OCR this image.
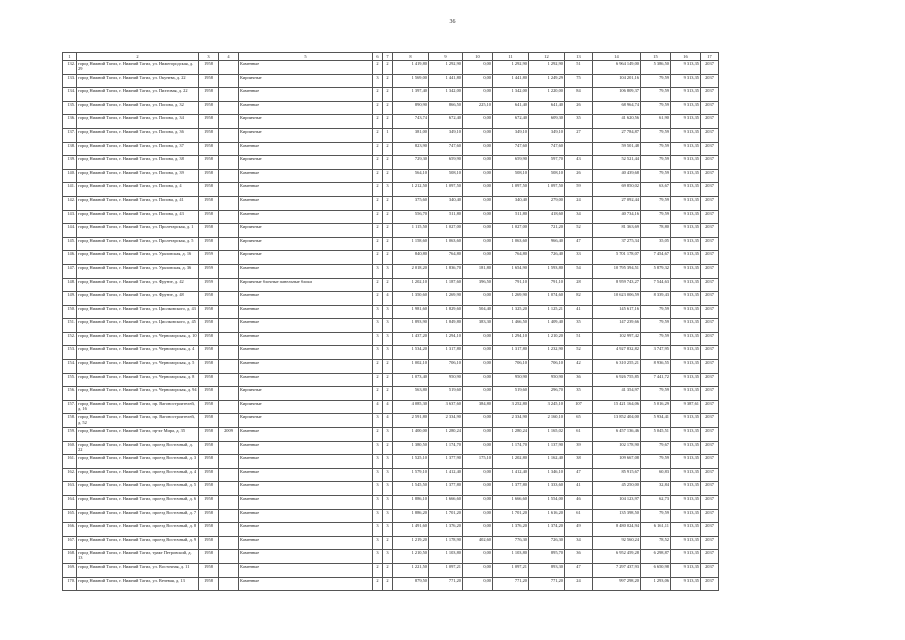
36
1	2	3	4	5	6	7	8	9	10	11	12	13	14	15	16	17
132.	город Нижний Тагил, г. Нижний Тагил, ул. Нижегородская, д. 29	1958		Каменные	2	2	1 419,80	1 292,90	0,00	1 292,90	1 292,90	51	6 964 149,00	5 386,50	9 313,35	2037
133.	город Нижний Тагил, г. Нижний Тагил, ул. Окунева, д. 22	1958		Кирпичные	3	2	1 569,00	1 441,80	0,00	1 441,80	1 249,29	75	104 201,16	79,59	9 313,35	2037
134.	город Нижний Тагил, г. Нижний Тагил, ул. Пихтовая, д. 22	1958		Каменные	2	2	1 397,40	1 342,00	0,00	1 342,00	1 220,00	84	106 809,37	79,59	9 313,35	2037
135.	город Нижний Тагил, г. Нижний Тагил, ул. Попова, д. 32	1958		Каменные	2	2	890,90	866,50	225,10	641,40	641,40	26	68 964,74	79,59	9 313,35	2037
136.	город Нижний Тагил, г. Нижний Тагил, ул. Попова, д. 34	1958		Кирпичные	2	2	743,74	672,40	0,00	672,40	609,30	35	41 620,56	61,90	9 313,35	2037
137.	город Нижний Тагил, г. Нижний Тагил, ул. Попова, д. 36	1958		Кирпичные	2	1	381,00	349,10	0,00	349,10	349,10	27	27 784,87	79,59	9 313,35	2037
138.	город Нижний Тагил, г. Нижний Тагил, ул. Попова, д. 37	1958		Каменные	2	2	823,90	747,60	0,00	747,60	747,60		59 501,48	79,59	9 313,35	2037
139.	город Нижний Тагил, г. Нижний Тагил, ул. Попова, д. 38	1958		Кирпичные	2	2	729,30	659,90	0,00	659,90	597,70	43	52 521,44	79,59	9 313,35	2037
140.	город Нижний Тагил, г. Нижний Тагил, ул. Попова, д. 39	1958		Каменные	2	2	564,10	508,10	0,00	508,10	508,10	26	40 439,68	79,59	9 313,35	2037
141.	город Нижний Тагил, г. Нижний Тагил, ул. Попова, д. 4	1958		Каменные	2	3	1 212,50	1 097,50	0,00	1 097,50	1 097,50	59	69 850,02	63,67	9 313,35	2037
142.	город Нижний Тагил, г. Нижний Тагил, ул. Попова, д. 41	1958		Каменные	2	2	375,60	340,40	0,00	340,40	279,00	24	27 092,44	79,59	9 313,35	2037
143.	город Нижний Тагил, г. Нижний Тагил, ул. Попова, д. 43	1958		Каменные	2	2	556,70	511,80	0,00	511,80	418,60	34	40 734,16	79,59	9 313,35	2037
144.	город Нижний Тагил, г. Нижний Тагил, ул. Пролетарская, д. 1	1958		Кирпичные	2	2	1 115,50	1 027,00	0,00	1 027,00	721,20	52	81 363,69	78,80	9 313,35	2037
145.	город Нижний Тагил, г. Нижний Тагил, ул. Пролетарская, д. 5	1958		Кирпичные	2	2	1 158,60	1 063,60	0,00	1 063,60	966,40	47	37 275,34	35,05	9 313,35	2037
146.	город Нижний Тагил, г. Нижний Тагил, ул. Ураловская, д. 16	1959		Кирпичные	2	2	840,80	764,80	0,00	764,80	726,40	33	5 701 178,07	7 454,67	9 313,35	2037
147.	город Нижний Тагил, г. Нижний Тагил, ул. Ураловская, д. 36	1959		Каменные	3	3	2 018,20	1 836,70	181,80	1 654,90	1 593,80	54	10 795 394,51	5 879,32	9 313,35	2037
148.	город Нижний Тагил, г. Нижний Тагил, ул. Фрунзе, д. 42	1959		Кирпичные блочные панельные блоки	2	2	1 202,10	1 187,60	396,50	791,10	791,10	28	8 959 743,27	7 544,63	9 313,35	2037
149.	город Нижний Тагил, г. Нижний Тагил, ул. Фрунзе, д. 48	1958		Каменные	2	4	1 350,60	1 269,90	0,00	1 269,90	1 074,60	82	10 623 006,59	8 339,43	9 313,35	2037
150.	город Нижний Тагил, г. Нижний Тагил, ул. Циолковского, д. 43	1958		Каменные	3	3	1 981,60	1 829,60	504,40	1 325,20	1 125,21	41	145 617,16	79,59	9 313,35	2037
151.	город Нижний Тагил, г. Нижний Тагил, ул. Циолковского, д. 45	1958		Каменные	3	3	1 893,90	1 849,80	383,30	1 466,50	1 409,40	35	147 239,66	79,59	9 313,35	2037
152.	город Нижний Тагил, г. Нижний Тагил, ул. Черноморская, д. 10	1958		Каменные	3	3	1 437,20	1 294,10	0,00	1 294,10	1 210,20	51	102 997,42	79,59	9 313,35	2037
153.	город Нижний Тагил, г. Нижний Тагил, ул. Черноморская, д. 4	1958		Каменные	3	3	1 534,20	1 317,80	0,00	1 317,80	1 232,90	52	4 927 832,82	3 747,95	9 313,35	2037
154.	город Нижний Тагил, г. Нижний Тагил, ул. Черноморская, д. 5	1958		Каменные	2	2	1 002,10	706,10	0,00	706,10	706,10	42	6 310 255,21	8 936,55	9 313,35	2037
155.	город Нижний Тагил, г. Нижний Тагил, ул. Черноморская, д. 8	1958		Каменные	2	2	1 073,40	950,90	0,00	950,90	950,90	36	6 926 755,85	7 441,72	9 313,35	2037
156.	город Нижний Тагил, г. Нижний Тагил, ул. Черноморская, д. 94	1958		Кирпичные	2	2	563,80	519,60	0,00	519,60	296,70	35	41 354,97	79,59	9 313,35	2037
157.	город Нижний Тагил, г. Нижний Тагил, пр. Вагоностроителей, д. 16	1958		Кирпичные	4	4	4 085,30	3 637,60	384,80	3 252,80	3 245,10	107	15 421 164,06	5 016,29	9 387,61	2037
158.	город Нижний Тагил, г. Нижний Тагил, пр. Вагоностроителей, д. 52	1958		Кирпичные	3	4	2 591,80	2 334,90	0,00	2 334,90	2 160,10	65	13 852 404,00	5 934,41	9 313,35	2037
159.	город Нижний Тагил, г. Нижний Тагил, пр-кт Мира, д. 35	1958	2009	Каменные	2	3	1 400,00	1 280,24	0,00	1 280,24	1 165,02	61	6 457 136,46	5 045,51	9 313,35	2037
160.	город Нижний Тагил, г. Нижний Тагил, проезд Восточный, д. 22	1958		Каменные	3	2	1 380,50	1 174,70	0,00	1 174,70	1 137,90	39	102 178,90	79,67	9 313,35	2037
161.	город Нижний Тагил, г. Нижний Тагил, проезд Восточный, д. 3	1958		Каменные	3	3	1 525,10	1 377,90	175,10	1 202,80	1 162,40	38	109 667,08	79,59	9 313,35	2037
162.	город Нижний Тагил, г. Нижний Тагил, проезд Восточный, д. 4	1958		Каменные	3	3	1 579,10	1 412,40	0,00	1 412,40	1 346,10	47	85 915,67	60,83	9 313,35	2037
163.	город Нижний Тагил, г. Нижний Тагил, проезд Восточный, д. 5	1958		Каменные	3	3	1 545,50	1 377,80	0,00	1 377,80	1 333,60	41	45 250,00	32,84	9 313,35	2037
164.	город Нижний Тагил, г. Нижний Тагил, проезд Восточный, д. 6	1958		Каменные	3	3	1 886,10	1 666,60	0,00	1 666,60	1 554,00	46	104 123,97	62,73	9 313,35	2037
165.	город Нижний Тагил, г. Нижний Тагил, проезд Восточный, д. 7	1958		Каменные	3	3	1 886,20	1 701,20	0,00	1 701,20	1 616,20	61	135 398,50	79,59	9 313,35	2037
166.	город Нижний Тагил, г. Нижний Тагил, проезд Восточный, д. 8	1958		Каменные	3	3	1 491,60	1 376,20	0,00	1 376,20	1 374,20	49	8 480 024,94	6 161,11	9 313,35	2037
167.	город Нижний Тагил, г. Нижний Тагил, проезд Восточный, д. 9	1958		Каменные	3	2	1 219,20	1 178,90	402,60	776,30	726,30	34	92 560,24	78,52	9 313,35	2037
168.	город Нижний Тагил, г. Нижний Тагил, тракт Петровский, д. 13	1958		Каменные	3	3	1 210,50	1 103,80	0,00	1 103,80	895,70	36	6 952 459,28	6 298,87	9 313,35	2037
169.	город Нижний Тагил, г. Нижний Тагил, ул. Восточная, д. 11	1958		Каменные	2	2	1 221,50	1 097,21	0,00	1 097,21	893,30	47	7 297 437,93	6 650,98	9 313,35	2037
170.	город Нижний Тагил, г. Нижний Тагил, ул. Вечевая, д. 13	1958		Каменные	2	2	879,50	771,20	0,00	771,20	771,20	24	997 298,20	1 293,06	9 313,35	2037
